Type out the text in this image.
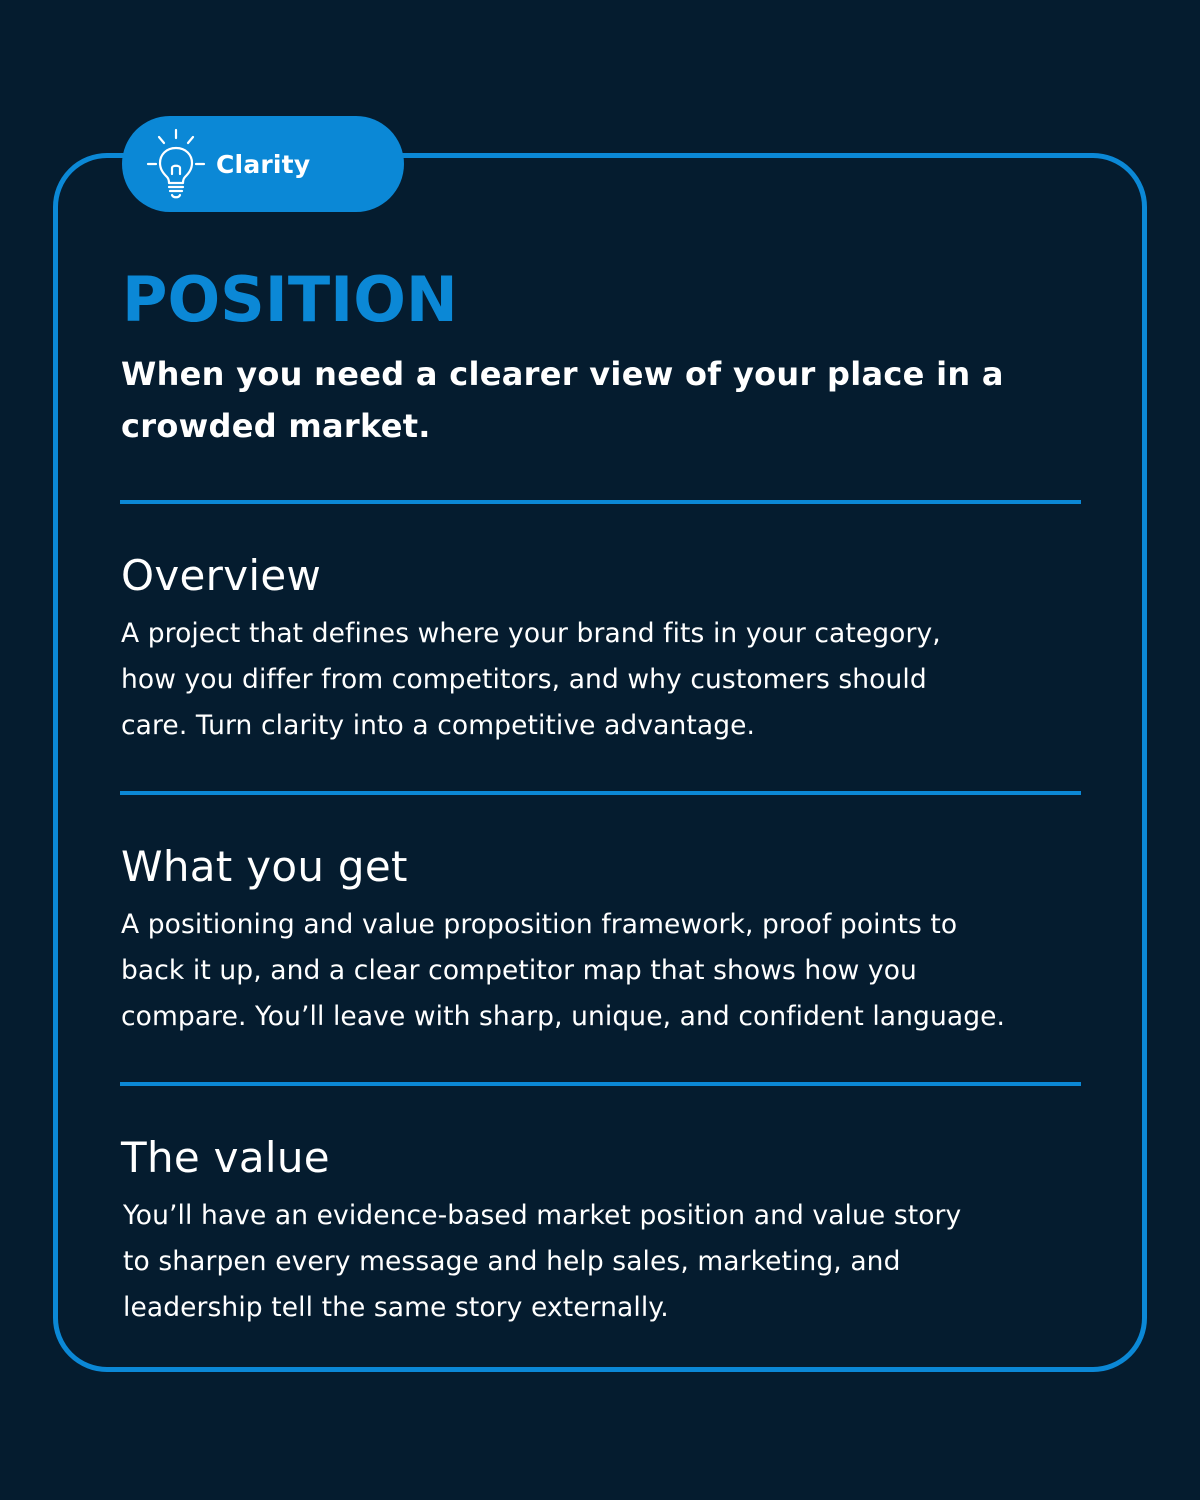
Clarity
POSITION

When you need a clearer view of your place in a crowded market.

Overview

A project that defines where your brand fits in your category,
how you differ from competitors, and why customers should
care. Turn clarity into a competitive advantage.

What you get

A positioning and value proposition framework, proof points to
back it up, and a clear competitor map that shows how you
compare. You’ll leave with sharp, unique, and confident language.

The value

You’ll have an evidence-based market position and value story
to sharpen every message and help sales, marketing, and
leadership tell the same story externally.
